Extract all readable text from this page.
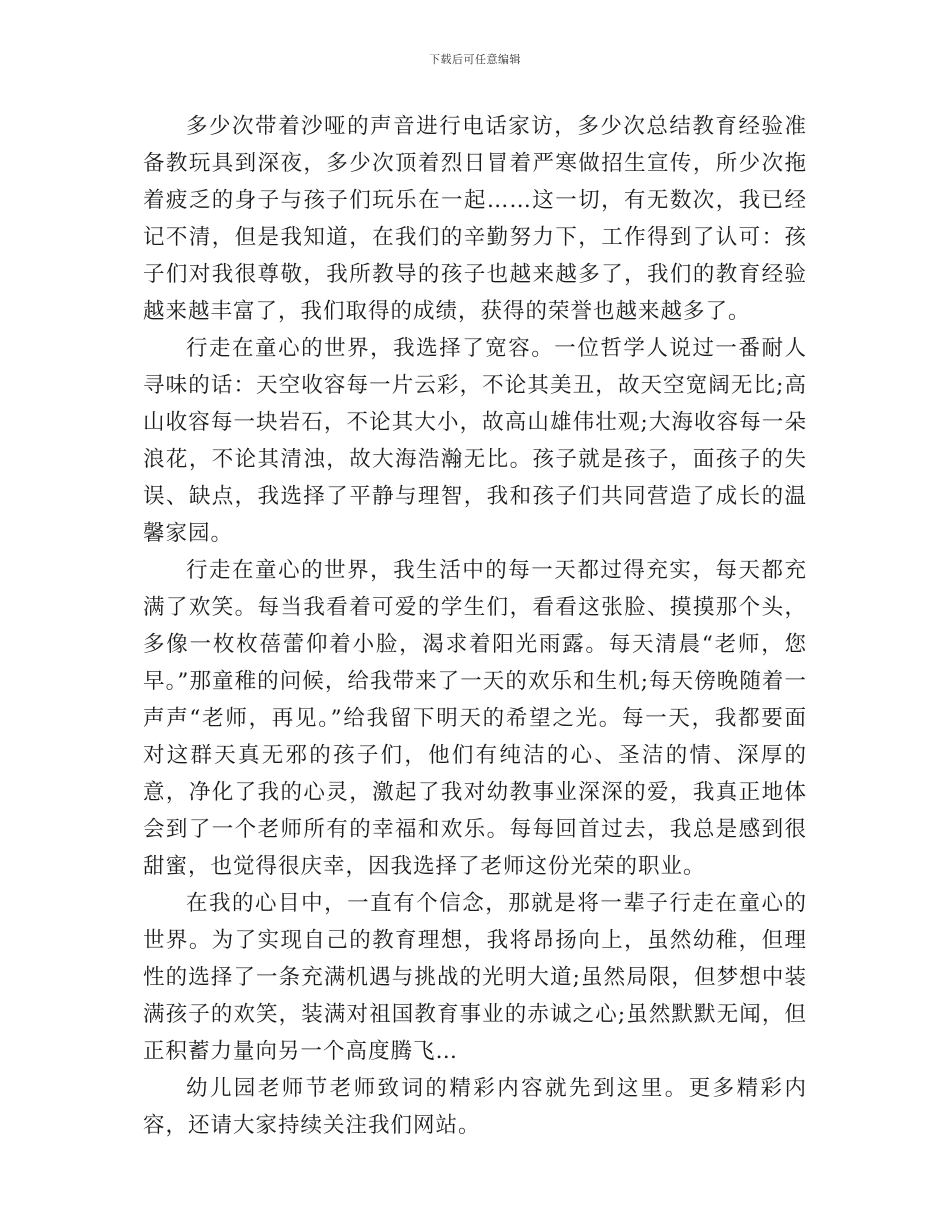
下载后可任意编辑

多少次带着沙哑的声音进行电话家访，多少次总结教育经验准备教玩具到深夜，多少次顶着烈日冒着严寒做招生宣传，所少次拖着疲乏的身子与孩子们玩乐在一起……这一切，有无数次，我已经记不清，但是我知道，在我们的辛勤努力下，工作得到了认可：孩子们对我很尊敬，我所教导的孩子也越来越多了，我们的教育经验越来越丰富了，我们取得的成绩，获得的荣誉也越来越多了。

行走在童心的世界，我选择了宽容。一位哲学人说过一番耐人寻味的话：天空收容每一片云彩，不论其美丑，故天空宽阔无比;高山收容每一块岩石，不论其大小，故高山雄伟壮观;大海收容每一朵浪花，不论其清浊，故大海浩瀚无比。孩子就是孩子，面孩子的失误、缺点，我选择了平静与理智，我和孩子们共同营造了成长的温馨家园。

行走在童心的世界，我生活中的每一天都过得充实，每天都充满了欢笑。每当我看着可爱的学生们，看看这张脸、摸摸那个头，多像一枚枚蓓蕾仰着小脸，渴求着阳光雨露。每天清晨“老师，您早。”那童稚的问候，给我带来了一天的欢乐和生机;每天傍晚随着一声声“老师，再见。”给我留下明天的希望之光。每一天，我都要面对这群天真无邪的孩子们，他们有纯洁的心、圣洁的情、深厚的意，净化了我的心灵，激起了我对幼教事业深深的爱，我真正地体会到了一个老师所有的幸福和欢乐。每每回首过去，我总是感到很甜蜜，也觉得很庆幸，因我选择了老师这份光荣的职业。

在我的心目中，一直有个信念，那就是将一辈子行走在童心的世界。为了实现自己的教育理想，我将昂扬向上，虽然幼稚，但理性的选择了一条充满机遇与挑战的光明大道;虽然局限，但梦想中装满孩子的欢笑，装满对祖国教育事业的赤诚之心;虽然默默无闻，但正积蓄力量向另一个高度腾飞…

幼儿园老师节老师致词的精彩内容就先到这里。更多精彩内容，还请大家持续关注我们网站。
